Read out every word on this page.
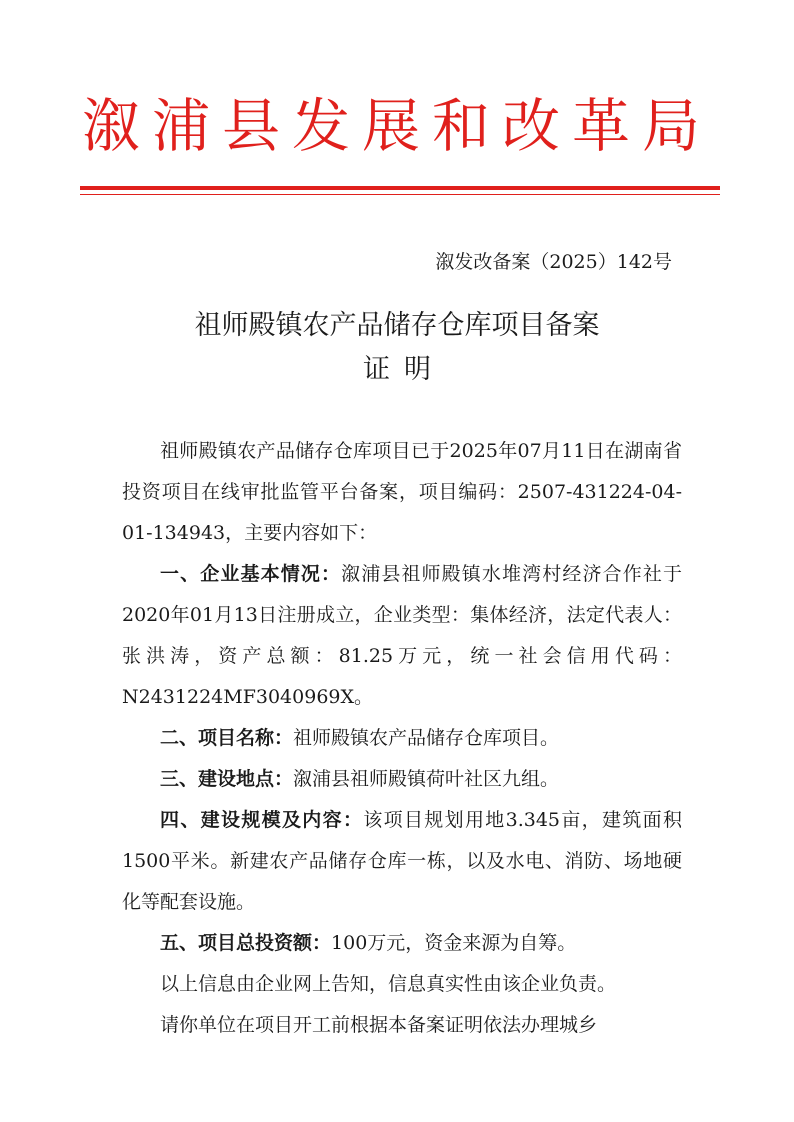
溆浦县发展和改革局
溆发改备案（2025）142号
祖师殿镇农产品储存仓库项目备案
证明

祖师殿镇农产品储存仓库项目已于2025年07月11日在湖南省投资项目在线审批监管平台备案，项目编码：2507-431224-04-01-134943，主要内容如下：

一、企业基本情况：溆浦县祖师殿镇水堆湾村经济合作社于2020年01月13日注册成立，企业类型：集体经济，法定代表人：张洪涛，资产总额：81.25万元，统一社会信用代码：N2431224MF3040969X。

二、项目名称：祖师殿镇农产品储存仓库项目。

三、建设地点：溆浦县祖师殿镇荷叶社区九组。

四、建设规模及内容：该项目规划用地3.345亩，建筑面积1500平米。新建农产品储存仓库一栋，以及水电、消防、场地硬化等配套设施。

五、项目总投资额：100万元，资金来源为自筹。

以上信息由企业网上告知，信息真实性由该企业负责。

请你单位在项目开工前根据本备案证明依法办理城乡
